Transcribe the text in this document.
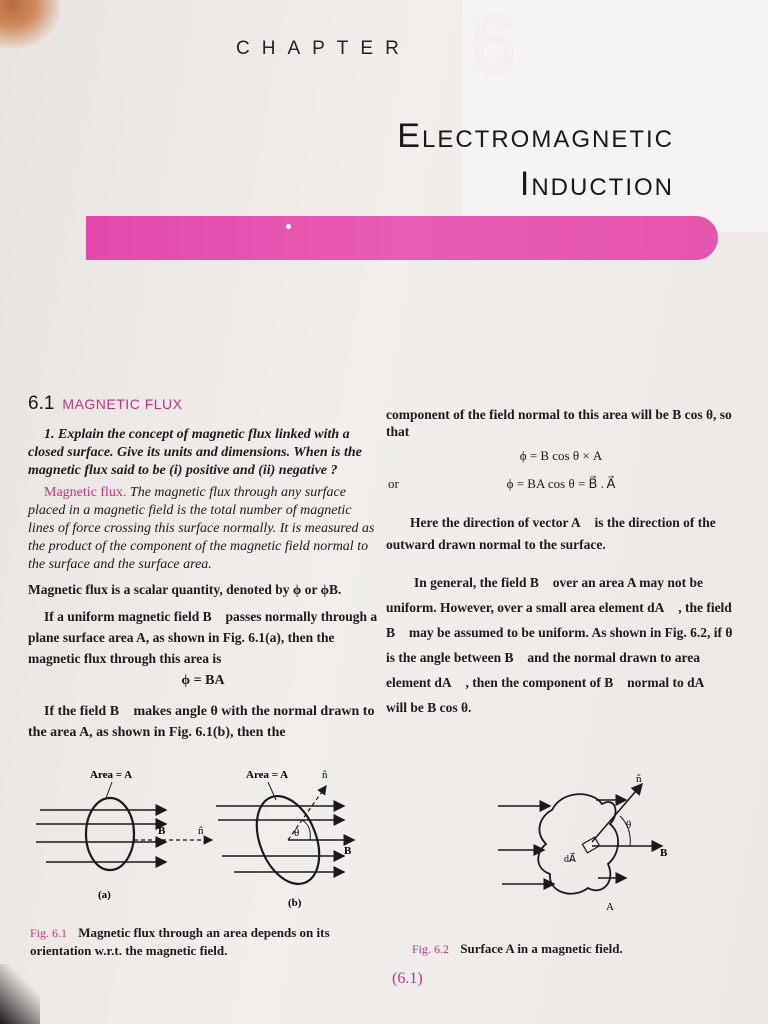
6
CHAPTER
Electromagnetic
Induction
6.1 MAGNETIC FLUX
1. Explain the concept of magnetic flux linked with a closed surface. Give its units and dimensions. When is the magnetic flux said to be (i) positive and (ii) negative ?
Magnetic flux. The magnetic flux through any surface placed in a magnetic field is the total number of magnetic lines of force crossing this surface normally. It is measured as the product of the component of the magnetic field normal to the surface and the surface area.
Magnetic flux is a scalar quantity, denoted by ϕ or ϕB.
If a uniform magnetic field B⃗ passes normally through a plane surface area A, as shown in Fig. 6.1(a), then the magnetic flux through this area is
ϕ = BA
If the field B⃗ makes angle θ with the normal drawn to the area A, as shown in Fig. 6.1(b), then the
component of the field normal to this area will be B cos θ, so that
ϕ = B cos θ × A
or	ϕ = BA cos θ = B⃗ . A⃗
Here the direction of vector A⃗ is the direction of the outward drawn normal to the surface.
In general, the field B⃗ over an area A may not be uniform. However, over a small area element dA⃗ , the field B⃗ may be assumed to be uniform. As shown in Fig. 6.2, if θ is the angle between B⃗ and the normal drawn to area element dA⃗ , then the component of B⃗ normal to dA⃗ will be B cos θ.
Area = A
B⃗ n̂
(a)
Area = A	n̂
θ
B⃗
(b)
Fig. 6.1 Magnetic flux through an area depends on its orientation w.r.t. the magnetic field.
n̂
θ
B⃗
dA⃗
A
Fig. 6.2 Surface A in a magnetic field.
(6.1)
